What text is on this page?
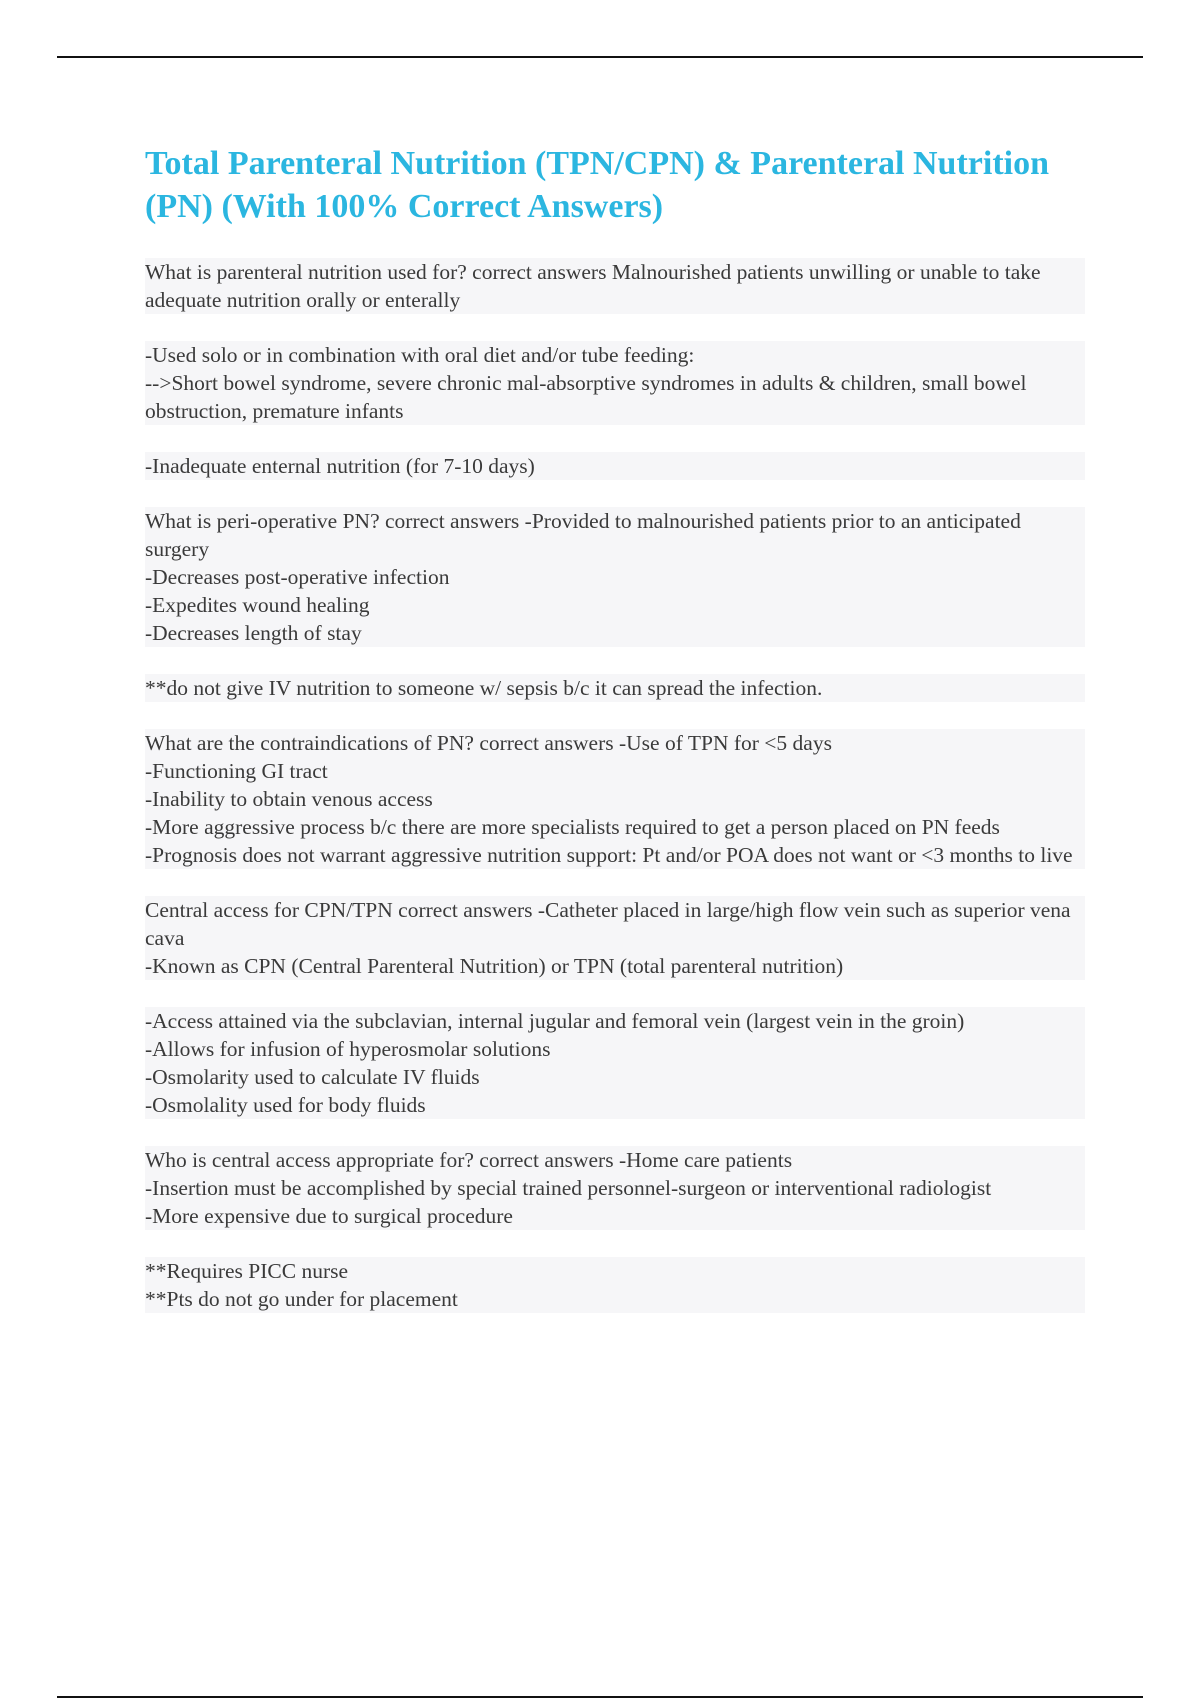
Total Parenteral Nutrition (TPN/CPN) & Parenteral Nutrition (PN) (With 100% Correct Answers)
What is parenteral nutrition used for? correct answers Malnourished patients unwilling or unable to take adequate nutrition orally or enterally
-Used solo or in combination with oral diet and/or tube feeding:
-->Short bowel syndrome, severe chronic mal-absorptive syndromes in adults & children, small bowel obstruction, premature infants
-Inadequate enternal nutrition (for 7-10 days)
What is peri-operative PN? correct answers -Provided to malnourished patients prior to an anticipated surgery
-Decreases post-operative infection
-Expedites wound healing
-Decreases length of stay
**do not give IV nutrition to someone w/ sepsis b/c it can spread the infection.
What are the contraindications of PN? correct answers -Use of TPN for <5 days
-Functioning GI tract
-Inability to obtain venous access
-More aggressive process b/c there are more specialists required to get a person placed on PN feeds
-Prognosis does not warrant aggressive nutrition support: Pt and/or POA does not want or <3 months to live
Central access for CPN/TPN correct answers -Catheter placed in large/high flow vein such as superior vena cava
-Known as CPN (Central Parenteral Nutrition) or TPN (total parenteral nutrition)
-Access attained via the subclavian, internal jugular and femoral vein (largest vein in the groin)
-Allows for infusion of hyperosmolar solutions
-Osmolarity used to calculate IV fluids
-Osmolality used for body fluids
Who is central access appropriate for? correct answers -Home care patients
-Insertion must be accomplished by special trained personnel-surgeon or interventional radiologist
-More expensive due to surgical procedure
**Requires PICC nurse
**Pts do not go under for placement
